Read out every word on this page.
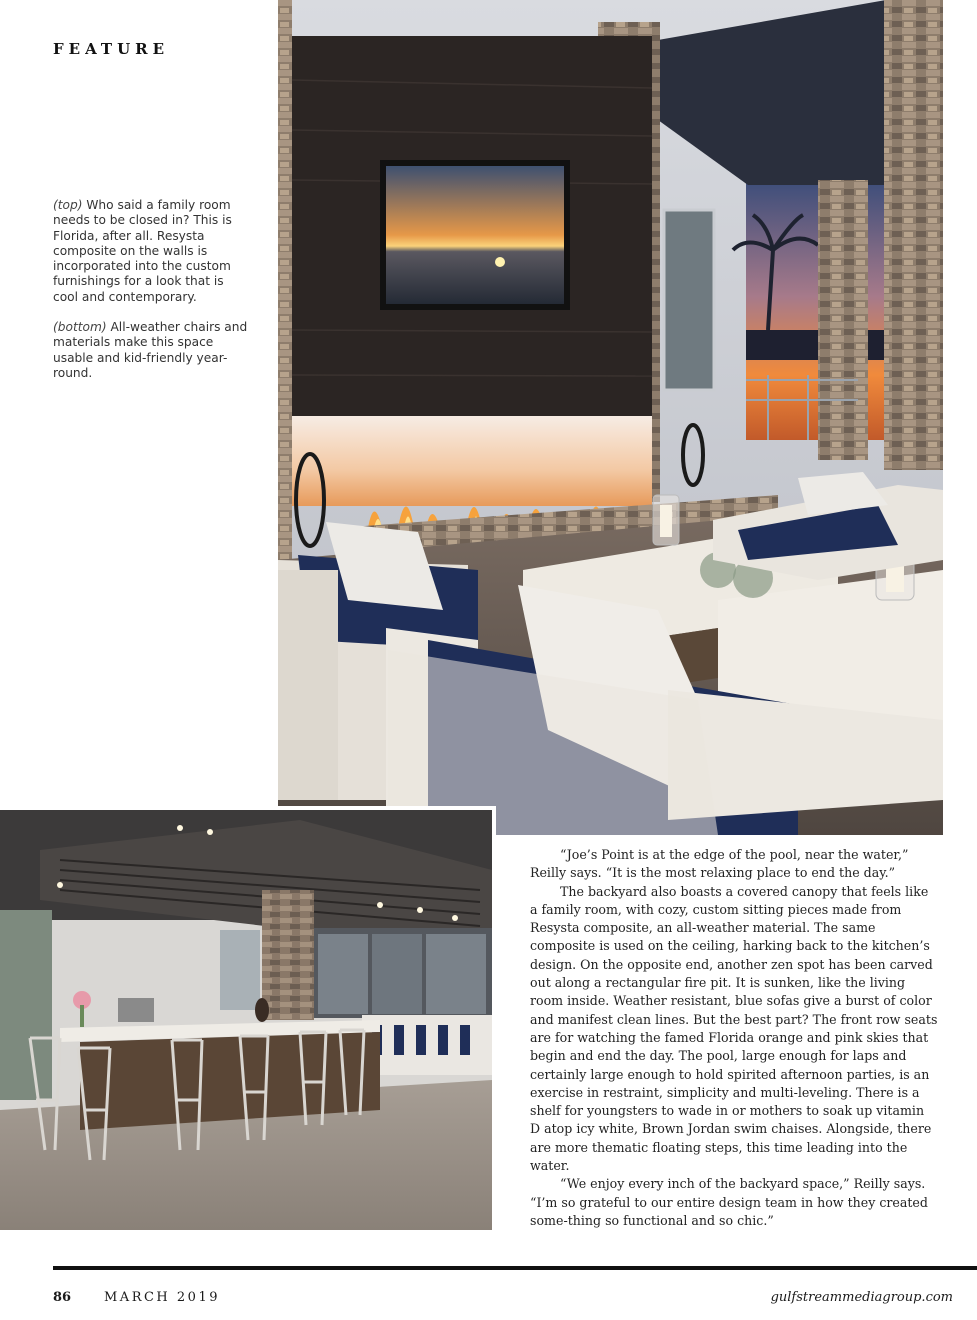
FEATURE

(top) Who said a family room needs to be closed in? This is Florida, after all. Resysta composite on the walls is incorporated into the custom furnishings for a look that is cool and contemporary.

(bottom) All-weather chairs and materials make this space usable and kid-friendly year-round.

“Joe’s Point is at the edge of the pool, near the water,” Reilly says. “It is the most relaxing place to end the day.”

The backyard also boasts a covered canopy that feels like a family room, with cozy, custom sitting pieces made from Resysta composite, an all-weather material. The same composite is used on the ceiling, harking back to the kitchen’s design. On the opposite end, another zen spot has been carved out along a rectangular fire pit. It is sunken, like the living room inside. Weather resistant, blue sofas give a burst of color and manifest clean lines. But the best part? The front row seats are for watching the famed Florida orange and pink skies that begin and end the day. The pool, large enough for laps and certainly large enough to hold spirited afternoon parties, is an exercise in restraint, simplicity and multi-leveling. There is a shelf for youngsters to wade in or mothers to soak up vitamin D atop icy white, Brown Jordan swim chaises. Alongside, there are more thematic floating steps, this time leading into the water.

“We enjoy every inch of the backyard space,” Reilly says. “I’m so grateful to our entire design team in how they created some-thing so functional and so chic.”

86	MARCH 2019	gulfstreammediagroup.com
